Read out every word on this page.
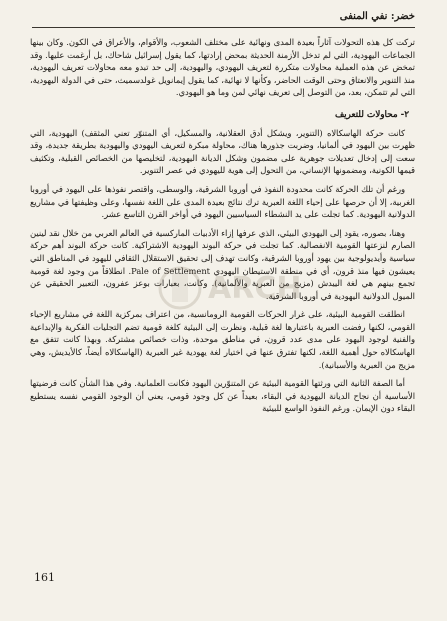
خضر: نفي المنفى

تركت كل هذه التحولات آثاراً بعيدة المدى ونهائية على مختلف الشعوب، والأقوام، والأعراق في الكون. وكان بينها الجماعات اليهودية، التي لم تدخل الأزمنة الحديثة بمحض إرادتها، كما يقول إسرائيل شاحاك، بل أرغمت عليها. وقد تمخض عن هذه العملية محاولات متكررة لتعريف اليهودي، واليهودية، إلى حد تبدو معه محاولات تعريف اليهودية، منذ التنوير والانعتاق وحتى الوقت الحاضر، وكأنها لا نهائية، كما يقول إيمانويل غولدسميث، حتى في الدولة اليهودية، التي لم تتمكن، بعد، من التوصل إلى تعريف نهائي لمن وما هو اليهودي.

٢- محاولات للتعريف

كانت حركة الهاسكالاه (التنوير، ويشكل أدق العقلانية، والمسكيل، أي المتنوّر تعني المثقف) اليهودية، التي ظهرت بين اليهود في ألمانيا، وضربت جذورها هناك، محاولة مبكرة لتعريف اليهودي واليهودية بطريقة جديدة، وقد سعت إلى إدخال تعديلات جوهرية على مضمون وشكل الديانة اليهودية، لتخليصها من الخصائص القبلية، وتكثيف قيمها الكونية، ومضمونها الإنساني، من التحول إلى هوية لليهودي في عصر التنوير.

ورغم أن تلك الحركة كانت محدودة النفوذ في أوروبا الشرقية، والوسطى، واقتصر نفوذها على اليهود في أوروبا الغربية، إلا أن حرصها على إحياء اللغة العبرية ترك نتائج بعيدة المدى على اللغة نفسها، وعلى وظيفتها في مشاريع الدولانية اليهودية. كما تجلت على يد النشطاء السياسيين اليهود في أواخر القرن التاسع عشر.

وهنا، بصوره، يقود إلى اليهودي البيئي، الذي عرفها إزاء الأدبيات الماركسية في العالم العربي من خلال نقد لينين الصارم لنزعتها القومية الانفصالية. كما تجلت في حركة البوند اليهودية الاشتراكية. كانت حركة البوند أهم حركة سياسية وأيديولوجية بين يهود أوروبا الشرقية، وكانت تهدف إلى تحقيق الاستقلال الثقافي لليهود في المناطق التي يعيشون فيها منذ قرون، أي في منطقة الاستيطان اليهودي Pale of Settlement. انطلاقاً من وجود لغة قومية تجمع بينهم هي لغة الييدش (مزيج من العبرية والألمانية). وكانت، بعبارات بوعز عفرون، التعبير الحقيقي عن الميول الدولانية اليهودية في أوروبا الشرقية.

انطلقت القومية البيئية، على غرار الحركات القومية الرومانسية، من اعتراف بمركزية اللغة في مشاريع الإحياء القومي، لكنها رفضت العبرية باعتبارها لغة قبلية، ونظرت إلى البيئية كلغة قومية تضم التجليات الفكرية والإبداعية والفنية لوجود اليهود على مدى عدد قرون، في مناطق موحدة، وذات خصائص مشتركة. وبهذا كانت تتفق مع الهاسكالاه حول أهمية اللغة، لكنها تفترق عنها في اختيار لغة يهودية غير العبرية (الهاسكالاه أيضاً، كالأيديش، وهي مزيج من العبرية والأسبانية).

أما الصفة الثانية التي ورثتها القومية البيئية عن المتنوّرين اليهود فكانت العلمانية. وفي هذا الشأن كانت فرضيتها الأساسية أن نجاح الديانة اليهودية في البقاء، بعيداً عن كل وجود قومي، يعني أن الوجود القومي نفسه يستطيع البقاء دون الإيمان. ورغم النفوذ الواسع للبيئية

ARCH
161
